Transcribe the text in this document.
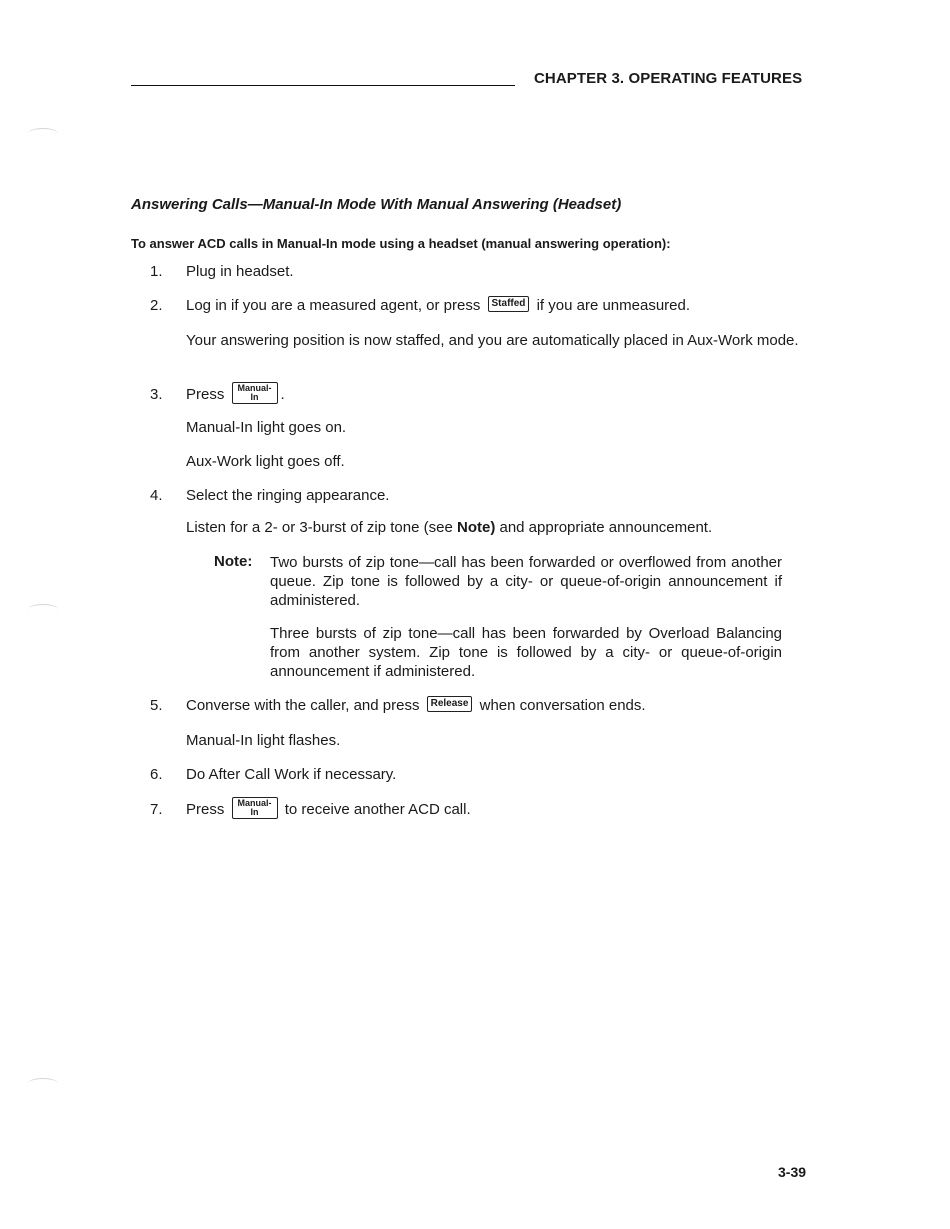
CHAPTER 3. OPERATING FEATURES
Answering Calls—Manual-In Mode With Manual Answering (Headset)
To answer ACD calls in Manual-In mode using a headset (manual answering operation):
1. Plug in headset.
2. Log in if you are a measured agent, or press Staffed if you are unmeasured.
Your answering position is now staffed, and you are automatically placed in Aux-Work mode.
3. Press	Manual-
In	.
Manual-In light goes on.
Aux-Work light goes off.
4. Select the ringing appearance.
Listen for a 2- or 3-burst of zip tone (see Note) and appropriate announcement.
Note: Two bursts of zip tone—call has been forwarded or overflowed from another queue. Zip tone is followed by a city- or queue-of-origin announcement if administered.
Three bursts of zip tone—call has been forwarded by Overload Balancing from another system. Zip tone is followed by a city- or queue-of-origin announcement if administered.
5. Converse with the caller, and press Release when conversation ends.
Manual-In light flashes.
6. Do After Call Work if necessary.
7. Press	Manual-
In	to receive another ACD call.
3-39
